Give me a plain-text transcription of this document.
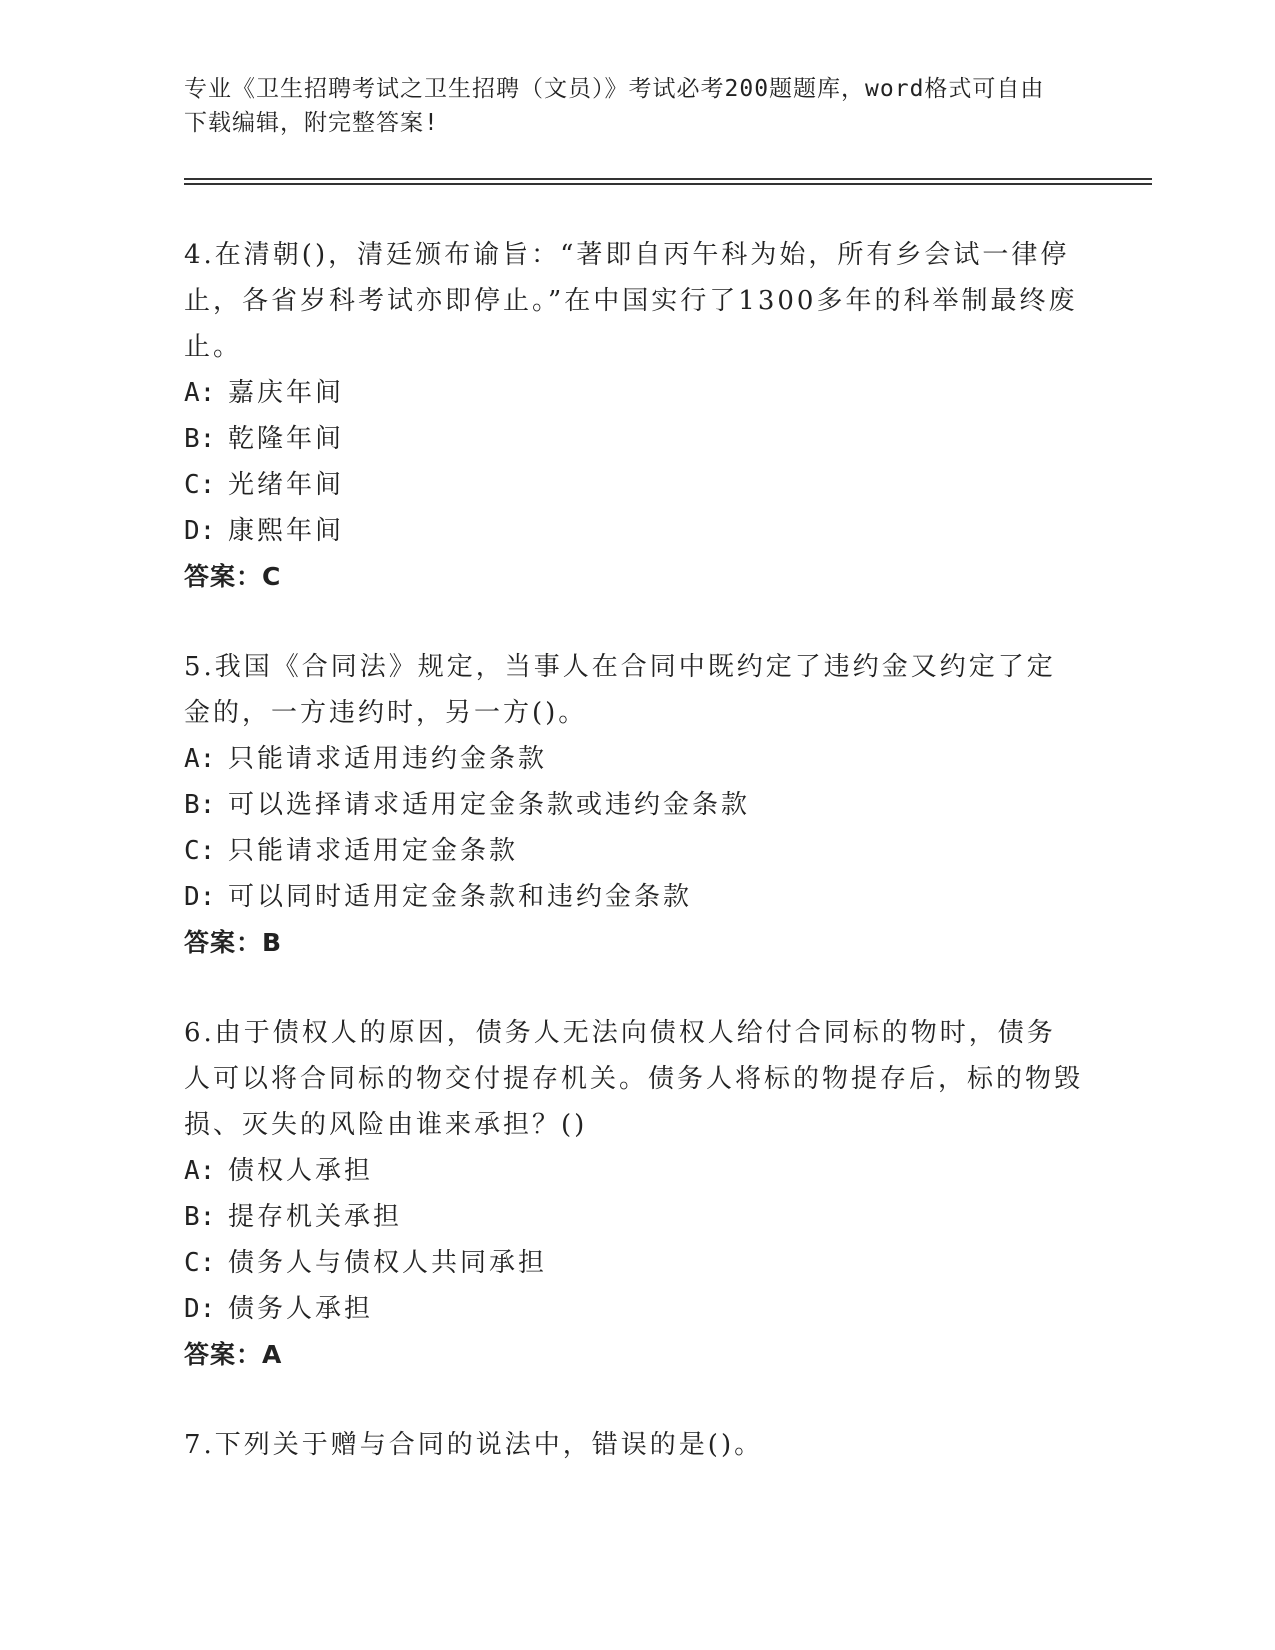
专业《卫生招聘考试之卫生招聘（文员）》考试必考200题题库，word格式可自由下载编辑，附完整答案!
4.在清朝()，清廷颁布谕旨：“著即自丙午科为始，所有乡会试一律停止，各省岁科考试亦即停止。”在中国实行了1300多年的科举制最终废止。
A: 嘉庆年间
B: 乾隆年间
C: 光绪年间
D: 康熙年间
答案：C
5.我国《合同法》规定，当事人在合同中既约定了违约金又约定了定金的，一方违约时，另一方()。
A: 只能请求适用违约金条款
B: 可以选择请求适用定金条款或违约金条款
C: 只能请求适用定金条款
D: 可以同时适用定金条款和违约金条款
答案：B
6.由于债权人的原因，债务人无法向债权人给付合同标的物时，债务人可以将合同标的物交付提存机关。债务人将标的物提存后，标的物毁损、灭失的风险由谁来承担？()
A: 债权人承担
B: 提存机关承担
C: 债务人与债权人共同承担
D: 债务人承担
答案：A
7.下列关于赠与合同的说法中，错误的是()。
